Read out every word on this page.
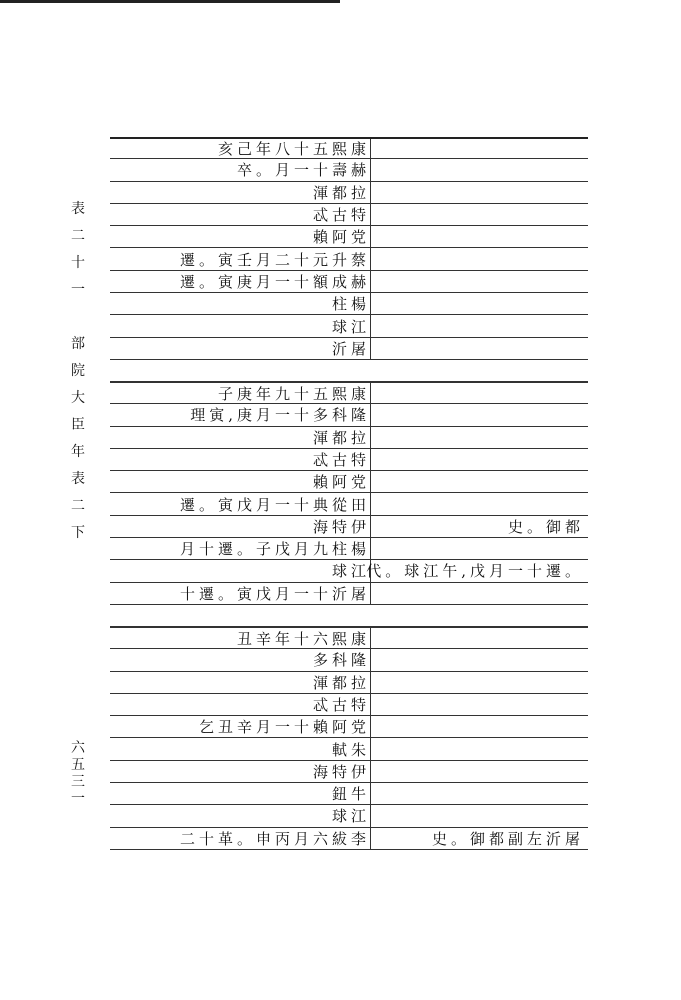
表
二
十
一

部
院
大
臣
年
表
二
下
六
五
三
一
亥己年八十五熙康
卒。月一十壽赫
渾都拉
忒古特
賴阿党
遷。寅壬月二十元升蔡
遷。寅庚月一十額成赫
柱楊
球江
沂屠
子庚年九十五熙康
理寅,庚月一十多科隆
渾都拉
忒古特
賴阿党
遷。寅戊月一十典從田
海特伊	史。御都
月十遷。子戊月九柱楊
球江
代。球江午,戊月一十遷。
十遷。寅戊月一十沂屠
丑辛年十六熙康
多科隆
渾都拉
忒古特
乞丑辛月一十賴阿党
軾朱
海特伊
鈕牛
球江
二十革。申丙月六紱李	史。御都副左沂屠
